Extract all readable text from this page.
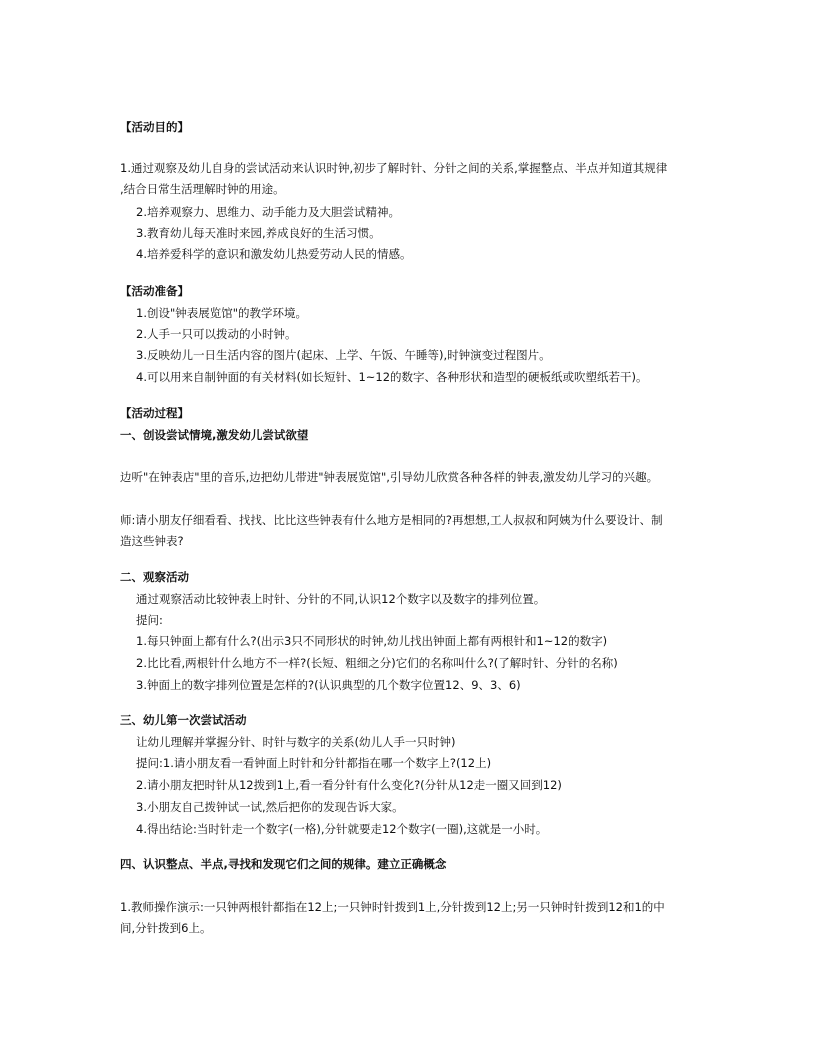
【活动目的】
1.通过观察及幼儿自身的尝试活动来认识时钟,初步了解时针、分针之间的关系,掌握整点、半点并知道其规律
,结合日常生活理解时钟的用途。
2.培养观察力、思维力、动手能力及大胆尝试精神。
3.教育幼儿每天准时来园,养成良好的生活习惯。
4.培养爱科学的意识和激发幼儿热爱劳动人民的情感。
【活动准备】
1.创设"钟表展览馆"的教学环境。
2.人手一只可以拨动的小时钟。
3.反映幼儿一日生活内容的图片(起床、上学、午饭、午睡等),时钟演变过程图片。
4.可以用来自制钟面的有关材料(如长短针、1~12的数字、各种形状和造型的硬板纸或吹塑纸若干)。
【活动过程】
一、创设尝试情境,激发幼儿尝试欲望
边听"在钟表店"里的音乐,边把幼儿带进"钟表展览馆",引导幼儿欣赏各种各样的钟表,激发幼儿学习的兴趣。
师:请小朋友仔细看看、找找、比比这些钟表有什么地方是相同的?再想想,工人叔叔和阿姨为什么要设计、制
造这些钟表?
二、观察活动
通过观察活动比较钟表上时针、分针的不同,认识12个数字以及数字的排列位置。
提问:
1.每只钟面上都有什么?(出示3只不同形状的时钟,幼儿找出钟面上都有两根针和1~12的数字)
2.比比看,两根针什么地方不一样?(长短、粗细之分)它们的名称叫什么?(了解时针、分针的名称)
3.钟面上的数字排列位置是怎样的?(认识典型的几个数字位置12、9、3、6)
三、幼儿第一次尝试活动
让幼儿理解并掌握分针、时针与数字的关系(幼儿人手一只时钟)
提问:1.请小朋友看一看钟面上时针和分针都指在哪一个数字上?(12上)
2.请小朋友把时针从12拨到1上,看一看分针有什么变化?(分针从12走一圈又回到12)
3.小朋友自己拨钟试一试,然后把你的发现告诉大家。
4.得出结论:当时针走一个数字(一格),分针就要走12个数字(一圈),这就是一小时。
四、认识整点、半点,寻找和发现它们之间的规律。建立正确概念
1.教师操作演示:一只钟两根针都指在12上;一只钟时针拨到1上,分针拨到12上;另一只钟时针拨到12和1的中
间,分针拨到6上。
